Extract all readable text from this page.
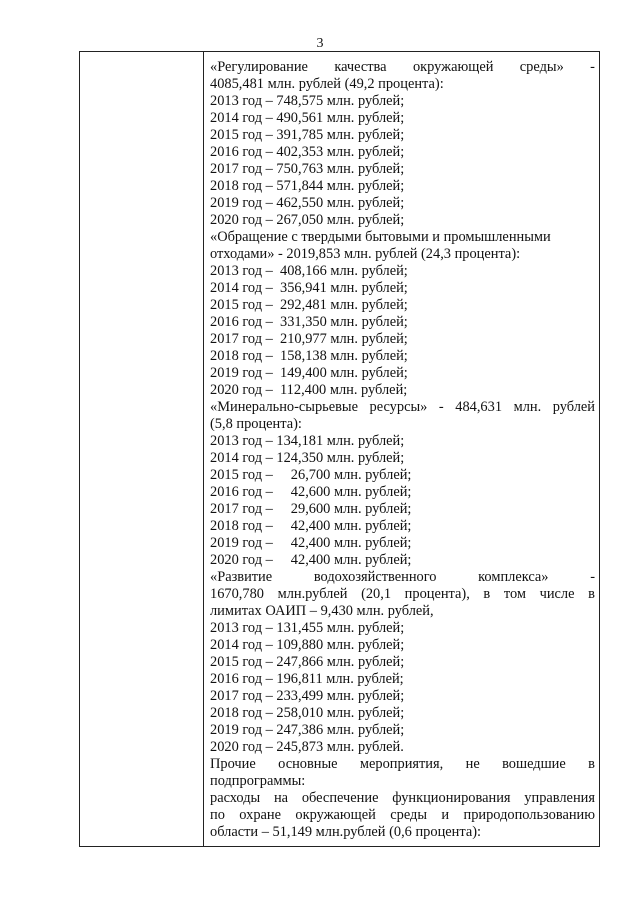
3
«Регулирование качества окружающей среды» -
4085,481 млн. рублей (49,2 процента):
2013 год – 748,575 млн. рублей;
2014 год – 490,561 млн. рублей;
2015 год – 391,785 млн. рублей;
2016 год – 402,353 млн. рублей;
2017 год – 750,763 млн. рублей;
2018 год – 571,844 млн. рублей;
2019 год – 462,550 млн. рублей;
2020 год – 267,050 млн. рублей;
«Обращение с твердыми бытовыми и промышленными
отходами» - 2019,853 млн. рублей (24,3 процента):
2013 год –  408,166 млн. рублей;
2014 год –  356,941 млн. рублей;
2015 год –  292,481 млн. рублей;
2016 год –  331,350 млн. рублей;
2017 год –  210,977 млн. рублей;
2018 год –  158,138 млн. рублей;
2019 год –  149,400 млн. рублей;
2020 год –  112,400 млн. рублей;
«Минерально-сырьевые ресурсы» - 484,631 млн. рублей
(5,8 процента):
2013 год – 134,181 млн. рублей;
2014 год – 124,350 млн. рублей;
2015 год –     26,700 млн. рублей;
2016 год –     42,600 млн. рублей;
2017 год –     29,600 млн. рублей;
2018 год –     42,400 млн. рублей;
2019 год –     42,400 млн. рублей;
2020 год –     42,400 млн. рублей;
«Развитие	водохозяйственного	комплекса»	-
1670,780 млн.рублей (20,1 процента), в том числе в
лимитах ОАИП – 9,430 млн. рублей,
2013 год – 131,455 млн. рублей;
2014 год – 109,880 млн. рублей;
2015 год – 247,866 млн. рублей;
2016 год – 196,811 млн. рублей;
2017 год – 233,499 млн. рублей;
2018 год – 258,010 млн. рублей;
2019 год – 247,386 млн. рублей;
2020 год – 245,873 млн. рублей.
Прочие основные мероприятия, не вошедшие в
подпрограммы:
расходы на обеспечение функционирования управления
по охране окружающей среды и природопользованию
области – 51,149 млн.рублей (0,6 процента):
